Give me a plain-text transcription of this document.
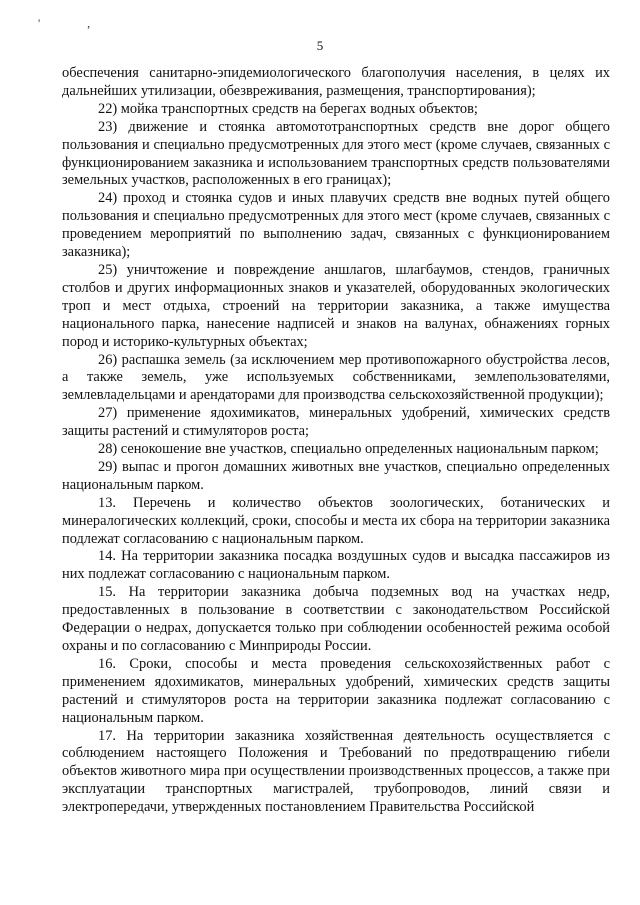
' ,
5

обеспечения санитарно-эпидемиологического благополучия населения, в целях их дальнейших утилизации, обезвреживания, размещения, транспортирования);

22) мойка транспортных средств на берегах водных объектов;

23) движение и стоянка автомототранспортных средств вне дорог общего пользования и специально предусмотренных для этого мест (кроме случаев, связанных с функционированием заказника и использованием транспортных средств пользователями земельных участков, расположенных в его границах);

24) проход и стоянка судов и иных плавучих средств вне водных путей общего пользования и специально предусмотренных для этого мест (кроме случаев, связанных с проведением мероприятий по выполнению задач, связанных с функционированием заказника);

25) уничтожение и повреждение аншлагов, шлагбаумов, стендов, граничных столбов и других информационных знаков и указателей, оборудованных экологических троп и мест отдыха, строений на территории заказника, а также имущества национального парка, нанесение надписей и знаков на валунах, обнажениях горных пород и историко-культурных объектах;

26) распашка земель (за исключением мер противопожарного обустройства лесов, а также земель, уже используемых собственниками, землепользователями, землевладельцами и арендаторами для производства сельскохозяйственной продукции);

27) применение ядохимикатов, минеральных удобрений, химических средств защиты растений и стимуляторов роста;

28) сенокошение вне участков, специально определенных национальным парком;

29) выпас и прогон домашних животных вне участков, специально определенных национальным парком.

13. Перечень и количество объектов зоологических, ботанических и минералогических коллекций, сроки, способы и места их сбора на территории заказника подлежат согласованию с национальным парком.

14. На территории заказника посадка воздушных судов и высадка пассажиров из них подлежат согласованию с национальным парком.

15. На территории заказника добыча подземных вод на участках недр, предоставленных в пользование в соответствии с законодательством Российской Федерации о недрах, допускается только при соблюдении особенностей режима особой охраны и по согласованию с Минприроды России.

16. Сроки, способы и места проведения сельскохозяйственных работ с применением ядохимикатов, минеральных удобрений, химических средств защиты растений и стимуляторов роста на территории заказника подлежат согласованию с национальным парком.

17. На территории заказника хозяйственная деятельность осуществляется с соблюдением настоящего Положения и Требований по предотвращению гибели объектов животного мира при осуществлении производственных процессов, а также при эксплуатации транспортных магистралей, трубопроводов, линий связи и электропередачи, утвержденных постановлением Правительства Российской
